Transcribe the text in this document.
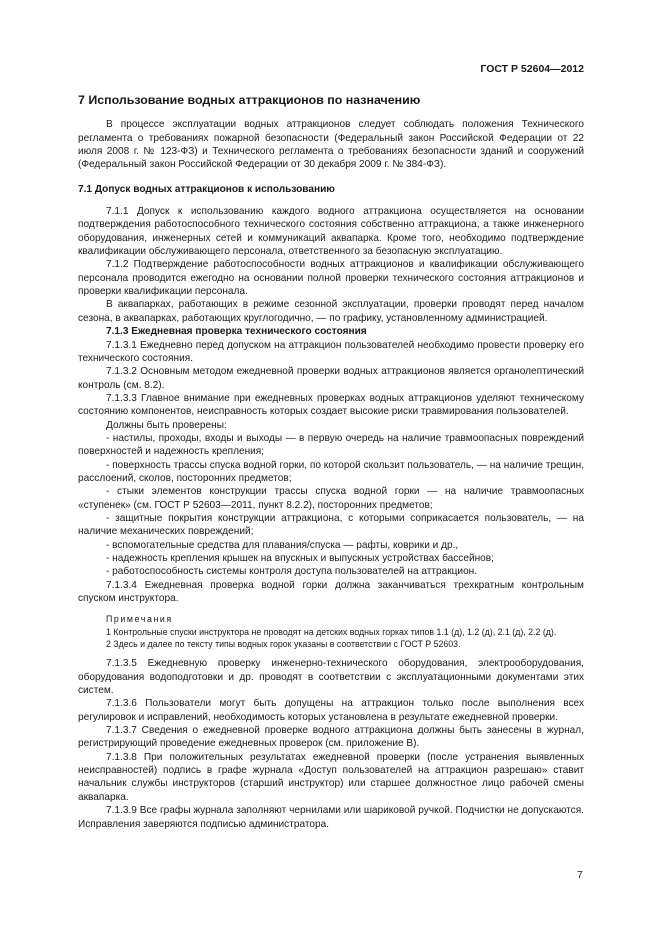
ГОСТ Р 52604—2012
7 Использование водных аттракционов по назначению

В процессе эксплуатации водных аттракционов следует соблюдать положения Технического регламента о требованиях пожарной безопасности (Федеральный закон Российской Федерации от 22 июля 2008 г. № 123-ФЗ) и Технического регламента о требованиях безопасности зданий и сооружений (Федеральный закон Российской Федерации от 30 декабря 2009 г. № 384-ФЗ).

7.1 Допуск водных аттракционов к использованию

7.1.1 Допуск к использованию каждого водного аттракциона осуществляется на основании подтверждения работоспособного технического состояния собственно аттракциона, а также инженерного оборудования, инженерных сетей и коммуникаций аквапарка. Кроме того, необходимо подтверждение квалификации обслуживающего персонала, ответственного за безопасную эксплуатацию.

7.1.2 Подтверждение работоспособности водных аттракционов и квалификации обслуживающего персонала проводится ежегодно на основании полной проверки технического состояния аттракционов и проверки квалификации персонала.

В аквапарках, работающих в режиме сезонной эксплуатации, проверки проводят перед началом сезона, в аквапарках, работающих круглогодично, — по графику, установленному администрацией.

7.1.3 Ежедневная проверка технического состояния

7.1.3.1 Ежедневно перед допуском на аттракцион пользователей необходимо провести проверку его технического состояния.

7.1.3.2 Основным методом ежедневной проверки водных аттракционов является органолептический контроль (см. 8.2).

7.1.3.3 Главное внимание при ежедневных проверках водных аттракционов уделяют техническому состоянию компонентов, неисправность которых создает высокие риски травмирования пользователей.

Должны быть проверены:

- настилы, проходы, входы и выходы — в первую очередь на наличие травмоопасных повреждений поверхностей и надежность крепления;

- поверхность трассы спуска водной горки, по которой скользит пользователь, — на наличие трещин, расслоений, сколов, посторонних предметов;

- стыки элементов конструкции трассы спуска водной горки — на наличие травмоопасных «ступенек» (см. ГОСТ Р 52603—2011, пункт 8.2.2), посторонних предметов;

- защитные покрытия конструкции аттракциона, с которыми соприкасается пользователь, — на наличие механических повреждений;

- вспомогательные средства для плавания/спуска — рафты, коврики и др.,

- надежность крепления крышек на впускных и выпускных устройствах бассейнов;

- работоспособность системы контроля доступа пользователей на аттракцион.

7.1.3.4 Ежедневная проверка водной горки должна заканчиваться трехкратным контрольным спуском инструктора.

Примечания

1 Контрольные спуски инструктора не проводят на детских водных горках типов 1.1 (д), 1.2 (д), 2.1 (д), 2.2 (д).

2 Здесь и далее по тексту типы водных горок указаны в соответствии с ГОСТ Р 52603.

7.1.3.5 Ежедневную проверку инженерно-технического оборудования, электрооборудования, оборудования водоподготовки и др. проводят в соответствии с эксплуатационными документами этих систем.

7.1.3.6 Пользователи могут быть допущены на аттракцион только после выполнения всех регулировок и исправлений, необходимость которых установлена в результате ежедневной проверки.

7.1.3.7 Сведения о ежедневной проверке водного аттракциона должны быть занесены в журнал, регистрирующий проведение ежедневных проверок (см. приложение В).

7.1.3.8 При положительных результатах ежедневной проверки (после устранения выявленных неисправностей) подпись в графе журнала «Доступ пользователей на аттракцион разрешаю» ставит начальник службы инструкторов (старший инструктор) или старшее должностное лицо рабочей смены аквапарка.

7.1.3.9 Все графы журнала заполняют чернилами или шариковой ручкой. Подчистки не допускаются. Исправления заверяются подписью администратора.

7
